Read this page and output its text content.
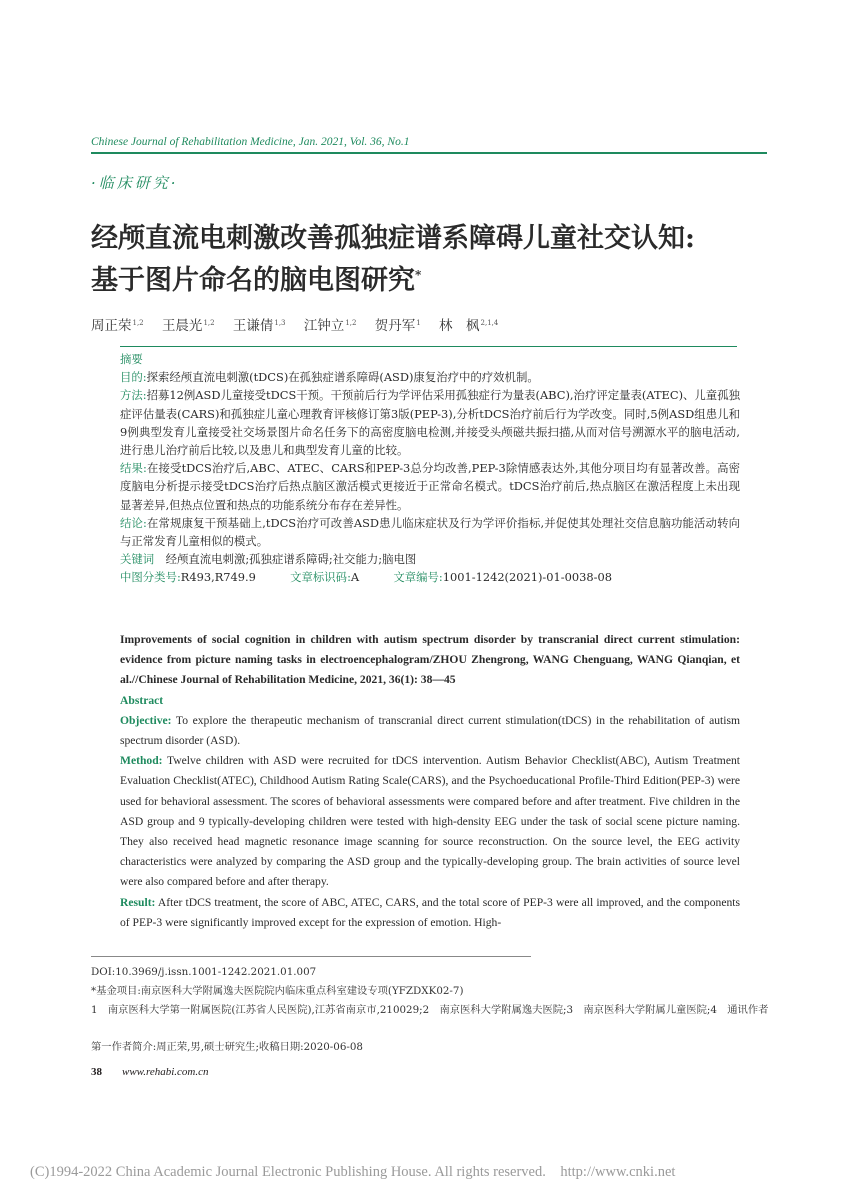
Chinese Journal of Rehabilitation Medicine, Jan. 2021, Vol. 36, No.1
·临床研究·
经颅直流电刺激改善孤独症谱系障碍儿童社交认知:
基于图片命名的脑电图研究*
周正荣$^{1,2}$ 王晨光$^{1,2}$ 王谦倩$^{1,3}$ 江钟立$^{1,2}$ 贺丹军$^1$ 林　枫$^{2,1,4}$

摘要

目的:探索经颅直流电刺激(tDCS)在孤独症谱系障碍(ASD)康复治疗中的疗效机制。

方法:招募12例ASD儿童接受tDCS干预。干预前后行为学评估采用孤独症行为量表(ABC),治疗评定量表(ATEC)、儿童孤独症评估量表(CARS)和孤独症儿童心理教育评核修订第3版(PEP-3),分析tDCS治疗前后行为学改变。同时,5例ASD组患儿和9例典型发育儿童接受社交场景图片命名任务下的高密度脑电检测,并接受头颅磁共振扫描,从而对信号溯源水平的脑电活动,进行患儿治疗前后比较,以及患儿和典型发育儿童的比较。

结果:在接受tDCS治疗后,ABC、ATEC、CARS和PEP-3总分均改善,PEP-3除情感表达外,其他分项目均有显著改善。高密度脑电分析提示接受tDCS治疗后热点脑区激活模式更接近于正常命名模式。tDCS治疗前后,热点脑区在激活程度上未出现显著差异,但热点位置和热点的功能系统分布存在差异性。

结论:在常规康复干预基础上,tDCS治疗可改善ASD患儿临床症状及行为学评价指标,并促使其处理社交信息脑功能活动转向与正常发育儿童相似的模式。

关键词　 经颅直流电刺激;孤独症谱系障碍;社交能力;脑电图

中图分类号:R493,R749.9　　　	文章标识码:A　　　	文章编号:1001-1242(2021)-01-0038-08

Improvements of social cognition in children with autism spectrum disorder by transcranial direct current stimulation: evidence from picture naming tasks in electroencephalogram/ZHOU Zhengrong, WANG Chenguang, WANG Qianqian, et al.//Chinese Journal of Rehabilitation Medicine, 2021, 36(1): 38—45

Abstract

Objective: To explore the therapeutic mechanism of transcranial direct current stimulation(tDCS) in the rehabilitation of autism spectrum disorder (ASD).

Method: Twelve children with ASD were recruited for tDCS intervention. Autism Behavior Checklist(ABC), Autism Treatment Evaluation Checklist(ATEC), Childhood Autism Rating Scale(CARS), and the Psychoeducational Profile-Third Edition(PEP-3) were used for behavioral assessment. The scores of behavioral assessments were compared before and after treatment. Five children in the ASD group and 9 typically-developing children were tested with high-density EEG under the task of social scene picture naming. They also received head magnetic resonance image scanning for source reconstruction. On the source level, the EEG activity characteristics were analyzed by comparing the ASD group and the typically-developing group. The brain activities of source level were also compared before and after therapy.

Result: After tDCS treatment, the score of ABC, ATEC, CARS, and the total score of PEP-3 were all improved, and the components of PEP-3 were significantly improved except for the expression of emotion. High-

DOI:10.3969/j.issn.1001-1242.2021.01.007
*基金项目:南京医科大学附属逸夫医院院内临床重点科室建设专项(YFZDXK02-7)
1　南京医科大学第一附属医院(江苏省人民医院),江苏省南京市,210029;2　南京医科大学附属逸夫医院;3　南京医科大学附属儿童医院;4　通讯作者
第一作者简介:周正荣,男,硕士研究生;收稿日期:2020-06-08
38 www.rehabi.com.cn
(C)1994-2022 China Academic Journal Electronic Publishing House. All rights reserved.　http://www.cnki.net
